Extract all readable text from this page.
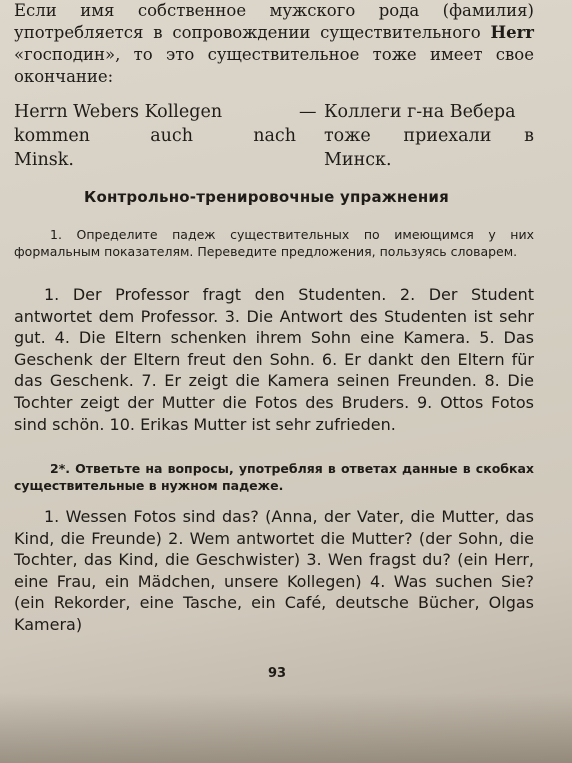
Если имя собственное мужского рода (фамилия) употребляется в сопровождении существительного Herr «господин», то это существительное тоже имеет свое окончание:

Herrn Webers Kollegen
kommen auch nach
Minsk.
— Коллеги г-на Вебера
тоже приехали в
Минск.
Контрольно-тренировочные упражнения
1. Определите падеж существительных по имеющимся у них формальным показателям. Переведите предложения, пользуясь словарем.
1. Der Professor fragt den Studenten. 2. Der Student antwortet dem Professor. 3. Die Antwort des Studenten ist sehr gut. 4. Die Eltern schenken ihrem Sohn eine Kamera. 5. Das Geschenk der Eltern freut den Sohn. 6. Er dankt den Eltern für das Geschenk. 7. Er zeigt die Kamera seinen Freunden. 8. Die Tochter zeigt der Mutter die Fotos des Bruders. 9. Ottos Fotos sind schön. 10. Erikas Mutter ist sehr zufrieden.
2*. Ответьте на вопросы, употребляя в ответах данные в скобках существительные в нужном падеже.
1. Wessen Fotos sind das? (Anna, der Vater, die Mutter, das Kind, die Freunde) 2. Wem antwortet die Mutter? (der Sohn, die Tochter, das Kind, die Geschwister) 3. Wen fragst du? (ein Herr, eine Frau, ein Mädchen, unsere Kollegen) 4. Was suchen Sie? (ein Rekorder, eine Tasche, ein Café, deutsche Bücher, Olgas Kamera)
93
